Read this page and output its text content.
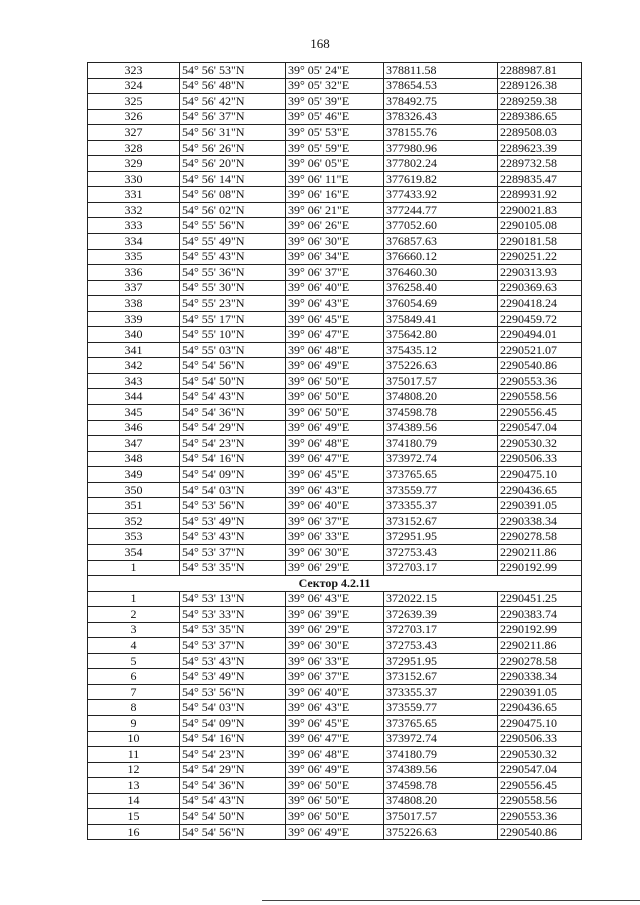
168
323	54° 56' 53"N	39° 05' 24"E	378811.58	2288987.81
324	54° 56' 48"N	39° 05' 32"E	378654.53	2289126.38
325	54° 56' 42"N	39° 05' 39"E	378492.75	2289259.38
326	54° 56' 37"N	39° 05' 46"E	378326.43	2289386.65
327	54° 56' 31"N	39° 05' 53"E	378155.76	2289508.03
328	54° 56' 26"N	39° 05' 59"E	377980.96	2289623.39
329	54° 56' 20"N	39° 06' 05"E	377802.24	2289732.58
330	54° 56' 14"N	39° 06' 11"E	377619.82	2289835.47
331	54° 56' 08"N	39° 06' 16"E	377433.92	2289931.92
332	54° 56' 02"N	39° 06' 21"E	377244.77	2290021.83
333	54° 55' 56"N	39° 06' 26"E	377052.60	2290105.08
334	54° 55' 49"N	39° 06' 30"E	376857.63	2290181.58
335	54° 55' 43"N	39° 06' 34"E	376660.12	2290251.22
336	54° 55' 36"N	39° 06' 37"E	376460.30	2290313.93
337	54° 55' 30"N	39° 06' 40"E	376258.40	2290369.63
338	54° 55' 23"N	39° 06' 43"E	376054.69	2290418.24
339	54° 55' 17"N	39° 06' 45"E	375849.41	2290459.72
340	54° 55' 10"N	39° 06' 47"E	375642.80	2290494.01
341	54° 55' 03"N	39° 06' 48"E	375435.12	2290521.07
342	54° 54' 56"N	39° 06' 49"E	375226.63	2290540.86
343	54° 54' 50"N	39° 06' 50"E	375017.57	2290553.36
344	54° 54' 43"N	39° 06' 50"E	374808.20	2290558.56
345	54° 54' 36"N	39° 06' 50"E	374598.78	2290556.45
346	54° 54' 29"N	39° 06' 49"E	374389.56	2290547.04
347	54° 54' 23"N	39° 06' 48"E	374180.79	2290530.32
348	54° 54' 16"N	39° 06' 47"E	373972.74	2290506.33
349	54° 54' 09"N	39° 06' 45"E	373765.65	2290475.10
350	54° 54' 03"N	39° 06' 43"E	373559.77	2290436.65
351	54° 53' 56"N	39° 06' 40"E	373355.37	2290391.05
352	54° 53' 49"N	39° 06' 37"E	373152.67	2290338.34
353	54° 53' 43"N	39° 06' 33"E	372951.95	2290278.58
354	54° 53' 37"N	39° 06' 30"E	372753.43	2290211.86
1	54° 53' 35"N	39° 06' 29"E	372703.17	2290192.99
Сектор 4.2.11				
1	54° 53' 13"N	39° 06' 43"E	372022.15	2290451.25
2	54° 53' 33"N	39° 06' 39"E	372639.39	2290383.74
3	54° 53' 35"N	39° 06' 29"E	372703.17	2290192.99
4	54° 53' 37"N	39° 06' 30"E	372753.43	2290211.86
5	54° 53' 43"N	39° 06' 33"E	372951.95	2290278.58
6	54° 53' 49"N	39° 06' 37"E	373152.67	2290338.34
7	54° 53' 56"N	39° 06' 40"E	373355.37	2290391.05
8	54° 54' 03"N	39° 06' 43"E	373559.77	2290436.65
9	54° 54' 09"N	39° 06' 45"E	373765.65	2290475.10
10	54° 54' 16"N	39° 06' 47"E	373972.74	2290506.33
11	54° 54' 23"N	39° 06' 48"E	374180.79	2290530.32
12	54° 54' 29"N	39° 06' 49"E	374389.56	2290547.04
13	54° 54' 36"N	39° 06' 50"E	374598.78	2290556.45
14	54° 54' 43"N	39° 06' 50"E	374808.20	2290558.56
15	54° 54' 50"N	39° 06' 50"E	375017.57	2290553.36
16	54° 54' 56"N	39° 06' 49"E	375226.63	2290540.86
